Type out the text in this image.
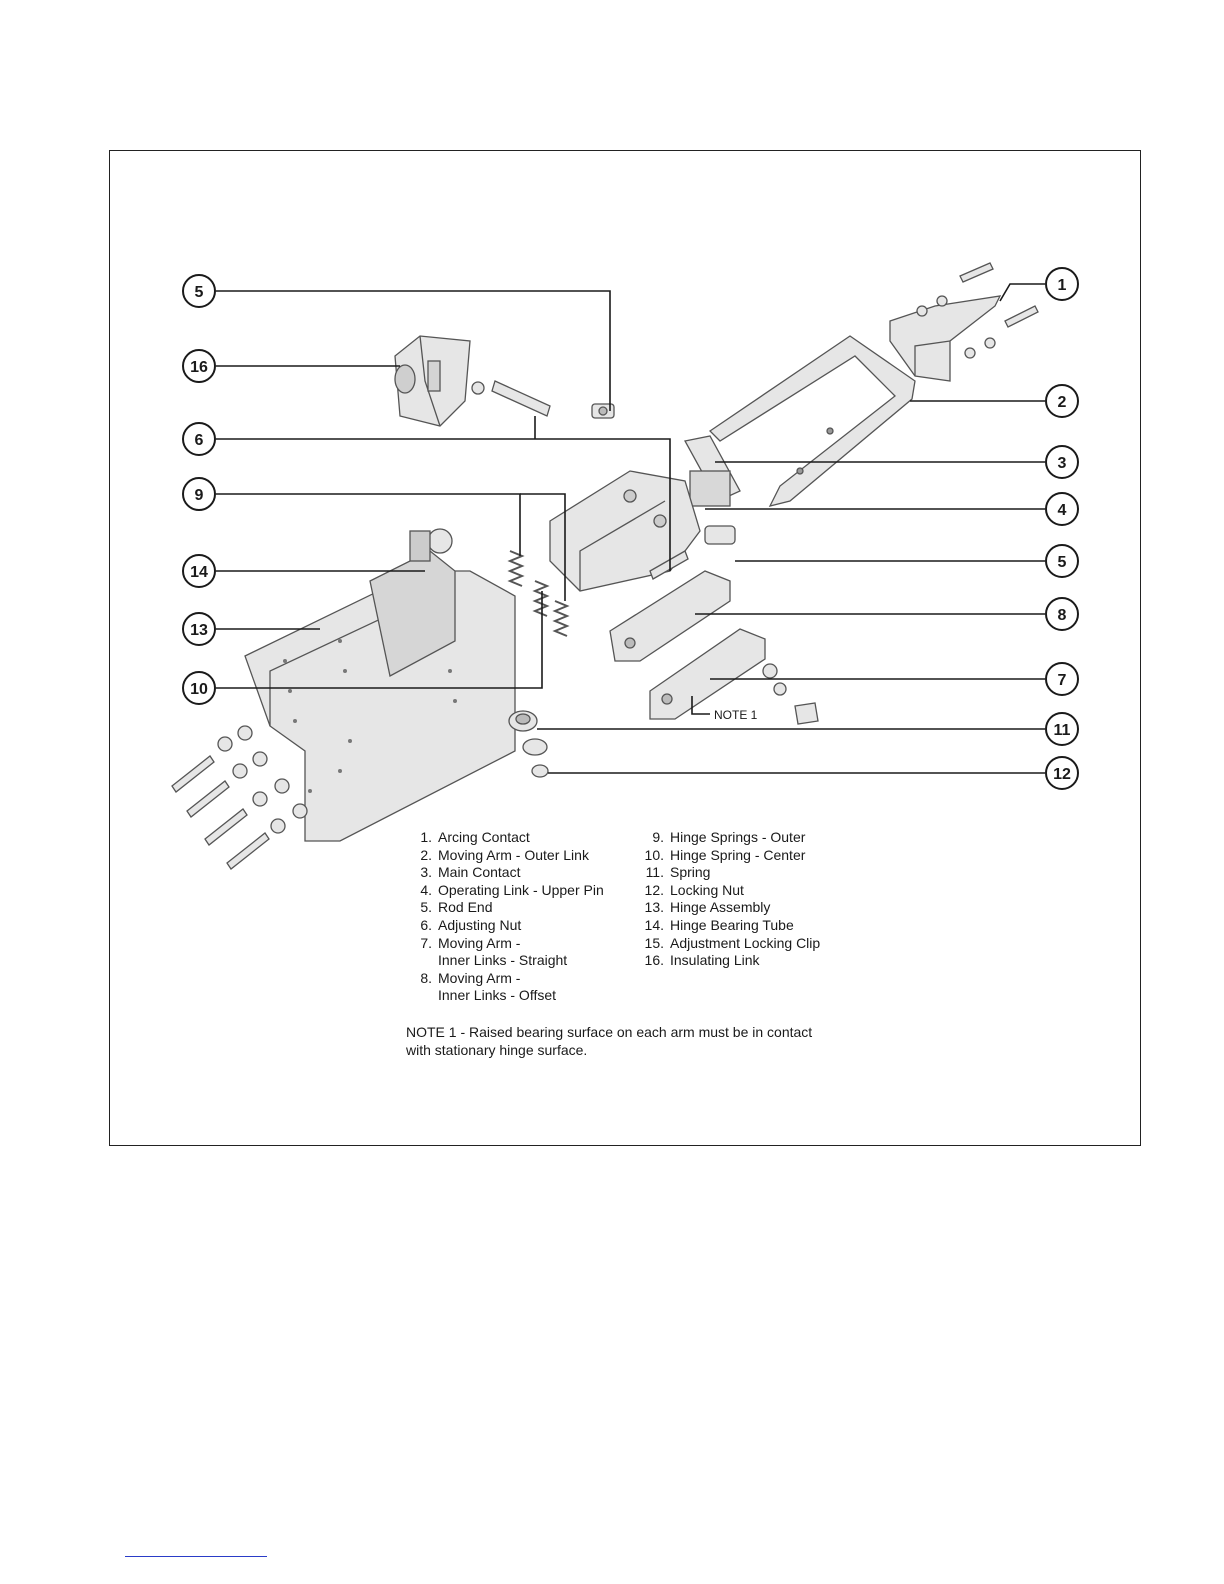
5
16
6
9
14
13
10
1
2
3
4
5
8
7
11
12
NOTE 1
1. Arcing Contact
2. Moving Arm - Outer Link
3. Main Contact
4. Operating Link - Upper Pin
5. Rod End
6. Adjusting Nut
7. Moving Arm -
Inner Links - Straight
8. Moving Arm -
Inner Links - Offset
9. Hinge Springs - Outer
10. Hinge Spring - Center
11. Spring
12. Locking Nut
13. Hinge Assembly
14. Hinge Bearing Tube
15. Adjustment Locking Clip
16. Insulating Link
NOTE 1 - Raised bearing surface on each arm must be in contact
with stationary hinge surface.
